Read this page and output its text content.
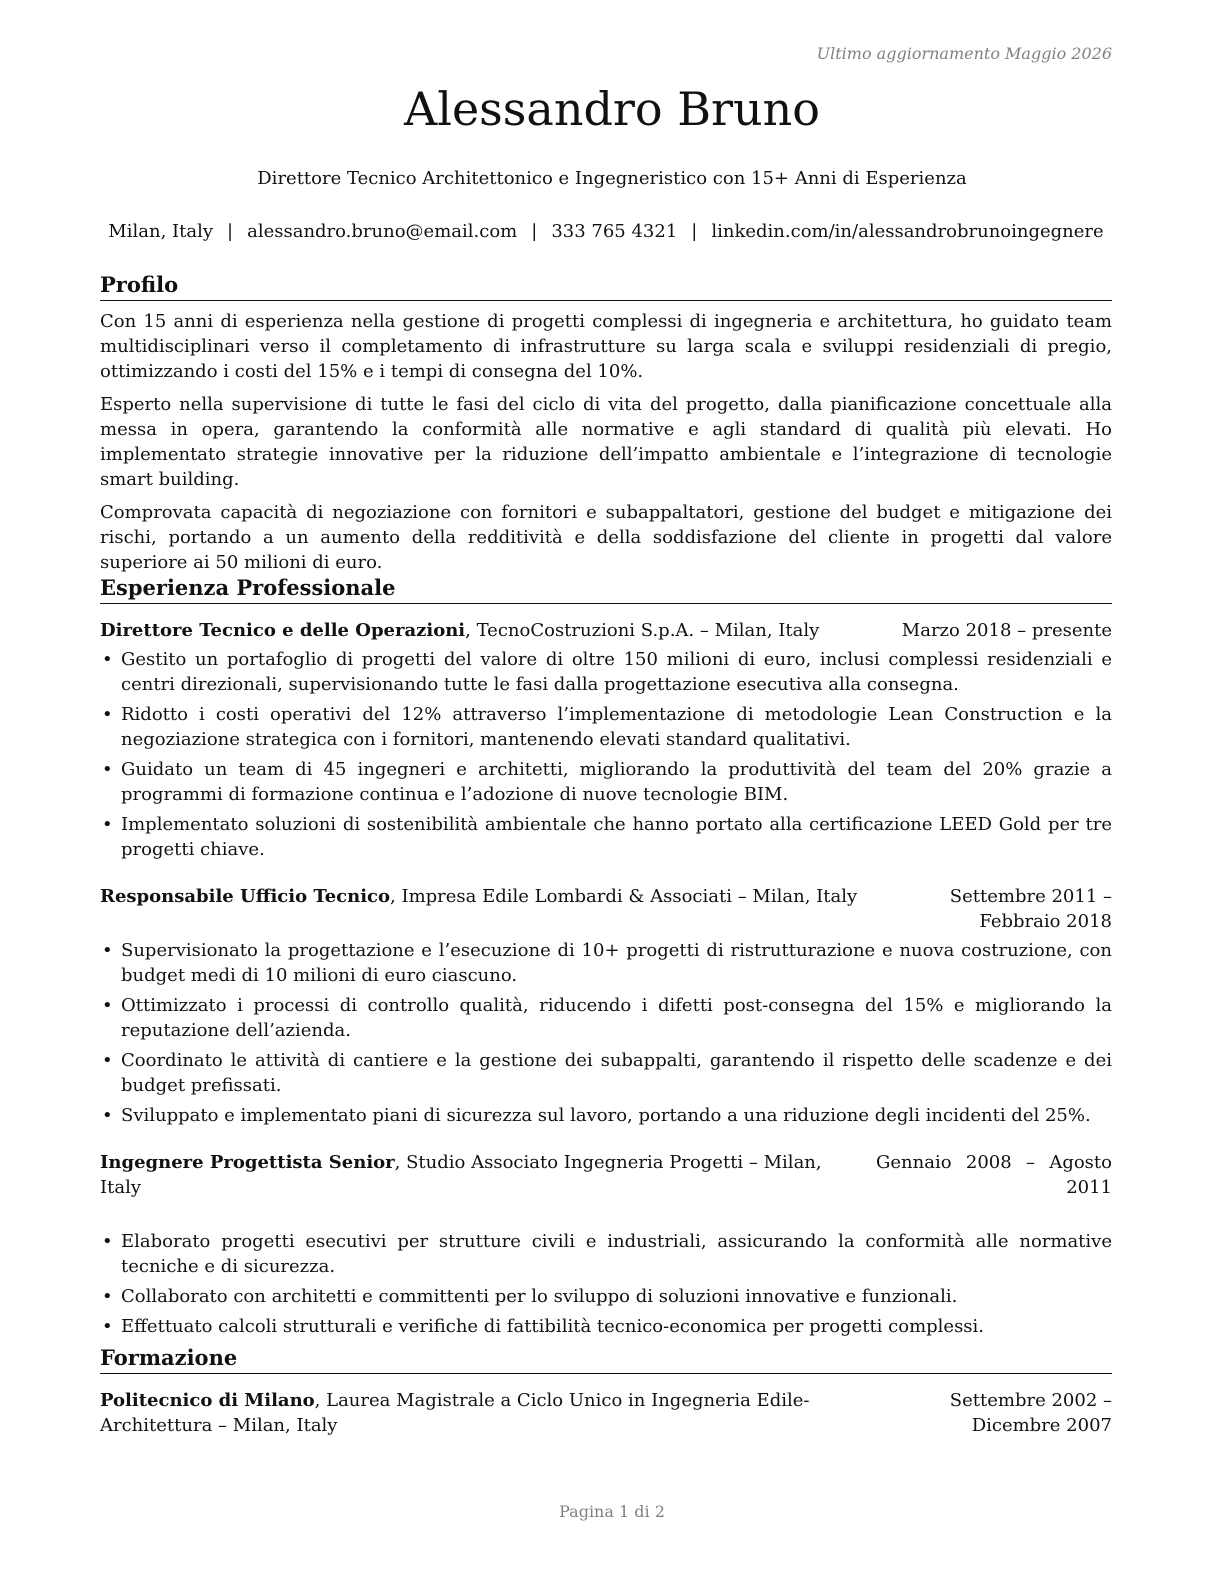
Ultimo aggiornamento Maggio 2026
Alessandro Bruno
Direttore Tecnico Architettonico e Ingegneristico con 15+ Anni di Esperienza
Milan, Italy | alessandro.bruno@email.com | 333 765 4321 | linkedin.com/in/alessandrobrunoingegnere
Profilo

Con 15 anni di esperienza nella gestione di progetti complessi di ingegneria e architettura, ho guidato team multidisciplinari verso il completamento di infrastrutture su larga scala e sviluppi residenziali di pregio, ottimizzando i costi del 15% e i tempi di consegna del 10%.

Esperto nella supervisione di tutte le fasi del ciclo di vita del progetto, dalla pianificazione concettuale alla messa in opera, garantendo la conformità alle normative e agli standard di qualità più elevati. Ho implementato strategie innovative per la riduzione dell’impatto ambientale e l’integrazione di tecnologie smart building.

Comprovata capacità di negoziazione con fornitori e subappaltatori, gestione del budget e mitigazione dei rischi, portando a un aumento della redditività e della soddisfazione del cliente in progetti dal valore superiore ai 50 milioni di euro.

Esperienza Professionale
Direttore Tecnico e delle Operazioni, TecnoCostruzioni S.p.A. – Milan, Italy	Marzo 2018 – presente
• Gestito un portafoglio di progetti del valore di oltre 150 milioni di euro, inclusi complessi residenziali e centri direzionali, supervisionando tutte le fasi dalla progettazione esecutiva alla consegna.
• Ridotto i costi operativi del 12% attraverso l’implementazione di metodologie Lean Construction e la negoziazione strategica con i fornitori, mantenendo elevati standard qualitativi.
• Guidato un team di 45 ingegneri e architetti, migliorando la produttività del team del 20% grazie a programmi di formazione continua e l’adozione di nuove tecnologie BIM.
• Implementato soluzioni di sostenibilità ambientale che hanno portato alla certificazione LEED Gold per tre progetti chiave.
Responsabile Ufficio Tecnico, Impresa Edile Lombardi & Associati – Milan, Italy	Settembre 2011 – Febbraio 2018
• Supervisionato la progettazione e l’esecuzione di 10+ progetti di ristrutturazione e nuova costruzione, con budget medi di 10 milioni di euro ciascuno.
• Ottimizzato i processi di controllo qualità, riducendo i difetti post-consegna del 15% e migliorando la reputazione dell’azienda.
• Coordinato le attività di cantiere e la gestione dei subappalti, garantendo il rispetto delle scadenze e dei budget prefissati.
• Sviluppato e implementato piani di sicurezza sul lavoro, portando a una riduzione degli incidenti del 25%.
Ingegnere Progettista Senior, Studio Associato Ingegneria Progetti – Milan, Italy
Gennaio 2008 – Agosto 2011
• Elaborato progetti esecutivi per strutture civili e industriali, assicurando la conformità alle normative tecniche e di sicurezza.
• Collaborato con architetti e committenti per lo sviluppo di soluzioni innovative e funzionali.
• Effettuato calcoli strutturali e verifiche di fattibilità tecnico-economica per progetti complessi.
Formazione
Politecnico di Milano, Laurea Magistrale a Ciclo Unico in Ingegneria Edile-Architettura – Milan, Italy
Settembre 2002 – Dicembre 2007
Pagina 1 di 2
